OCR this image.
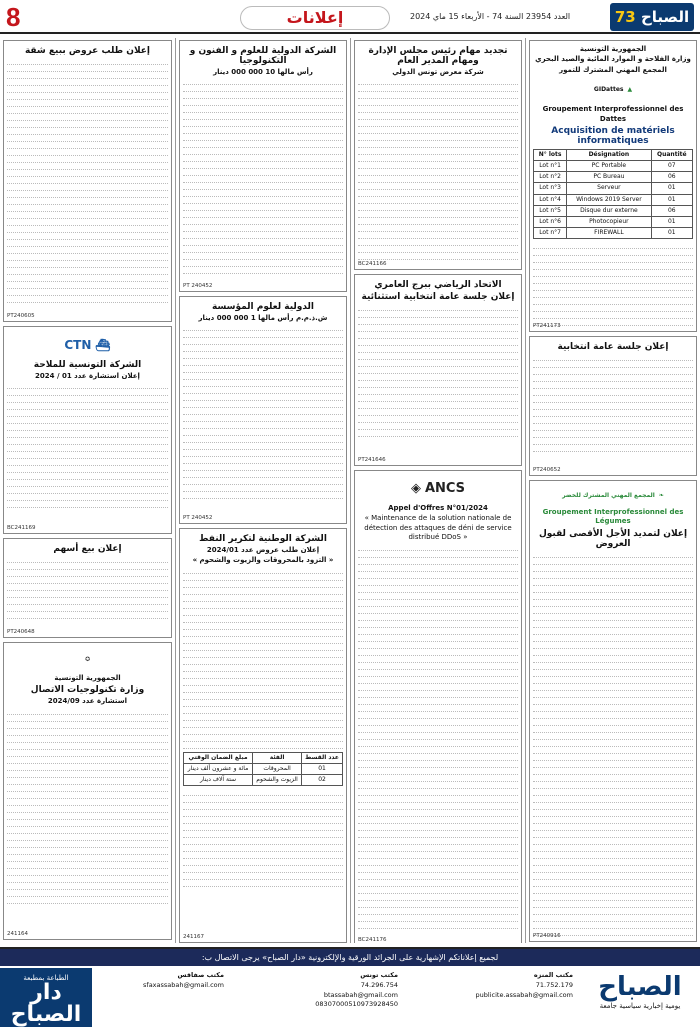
8	إعلانات	العدد 23954 السنة 74 - الأربعاء 15 ماي 2024	73 الصباح
الجمهورية التونسية
وزارة الفلاحة و الموارد المائية والصيد البحري
المجمع المهني المشترك للتمور
▲
GIDattes
Groupement Interprofessionnel des Dattes
Acquisition de matériels informatiques
N° lots	Désignation	Quantité
Lot n°1	PC Portable	07
Lot n°2	PC Bureau	06
Lot n°3	Serveur	01
Lot n°4	Windows 2019 Server	01
Lot n°5	Disque dur externe	06
Lot n°6	Photocopieur	01
Lot n°7	FIREWALL	01
PT241173
إعلان جلسة عامة انتخابية
PT240652
❧
المجمع المهني المشترك للخضر
Groupement Interprofessionnel des Légumes
إعلان لتمديد الأجل الأقصى لقبول العروض
PT240916
تجديد مهام رئيس مجلس الإدارة ومهام المدير العام
شركة معرض تونس الدولي
BC241166
الاتحاد الرياضي ببرج العامري
إعلان جلسة عامة انتخابية استثنائية
PT241646
◈ ANCS
Appel d'Offres N°01/2024
« Maintenance de la solution nationale de détection des attaques de déni de service distribué DDoS »
BC241176
الشركة الدولية للعلوم و الفنون و التكنولوجيا
رأس مالها 10 000 000 دينار
PT 240452
الدولية لعلوم المؤسسة
ش.ذ.م.م رأس مالها 1 000 000 دينار
PT 240452
الشركة الوطنية لتكرير النفط
إعلان طلب عروض عدد 2024/01
« التزود بالمحروقات والزيوت والشحوم »
عدد القسط	الفئة	مبلغ الضمان الوقتي
01	المحروقات	مائة و عشرون ألف دينار
02	الزيوت والشحوم	ستة آلاف دينار
241167
إعلان طلب عروض ببيع شقة
PT240605
⛴
CTN
الشركة التونسية للملاحة
إعلان استشارة عدد 01 / 2024
BC241169
إعلان بيع أسهم
PT240648
✪
الجمهورية التونسية
وزارة تكنولوجيات الاتصال
استشارة عدد 2024/09
241164
لجميع إعلاناتكم الإشهارية على الجرائد الورقية والإلكترونية «دار الصباح» يرجى الاتصال ب:
الطباعة بمطبعة
دار الصباح
مكتب صفاقس
sfaxassabah@gmail.com
مكتب تونس
74.296.754
btassabah@gmail.com
08307000510973928450
مكتب المنزه
71.752.179
publicite.assabah@gmail.com الصباح
يومية إخبارية سياسية جامعة
